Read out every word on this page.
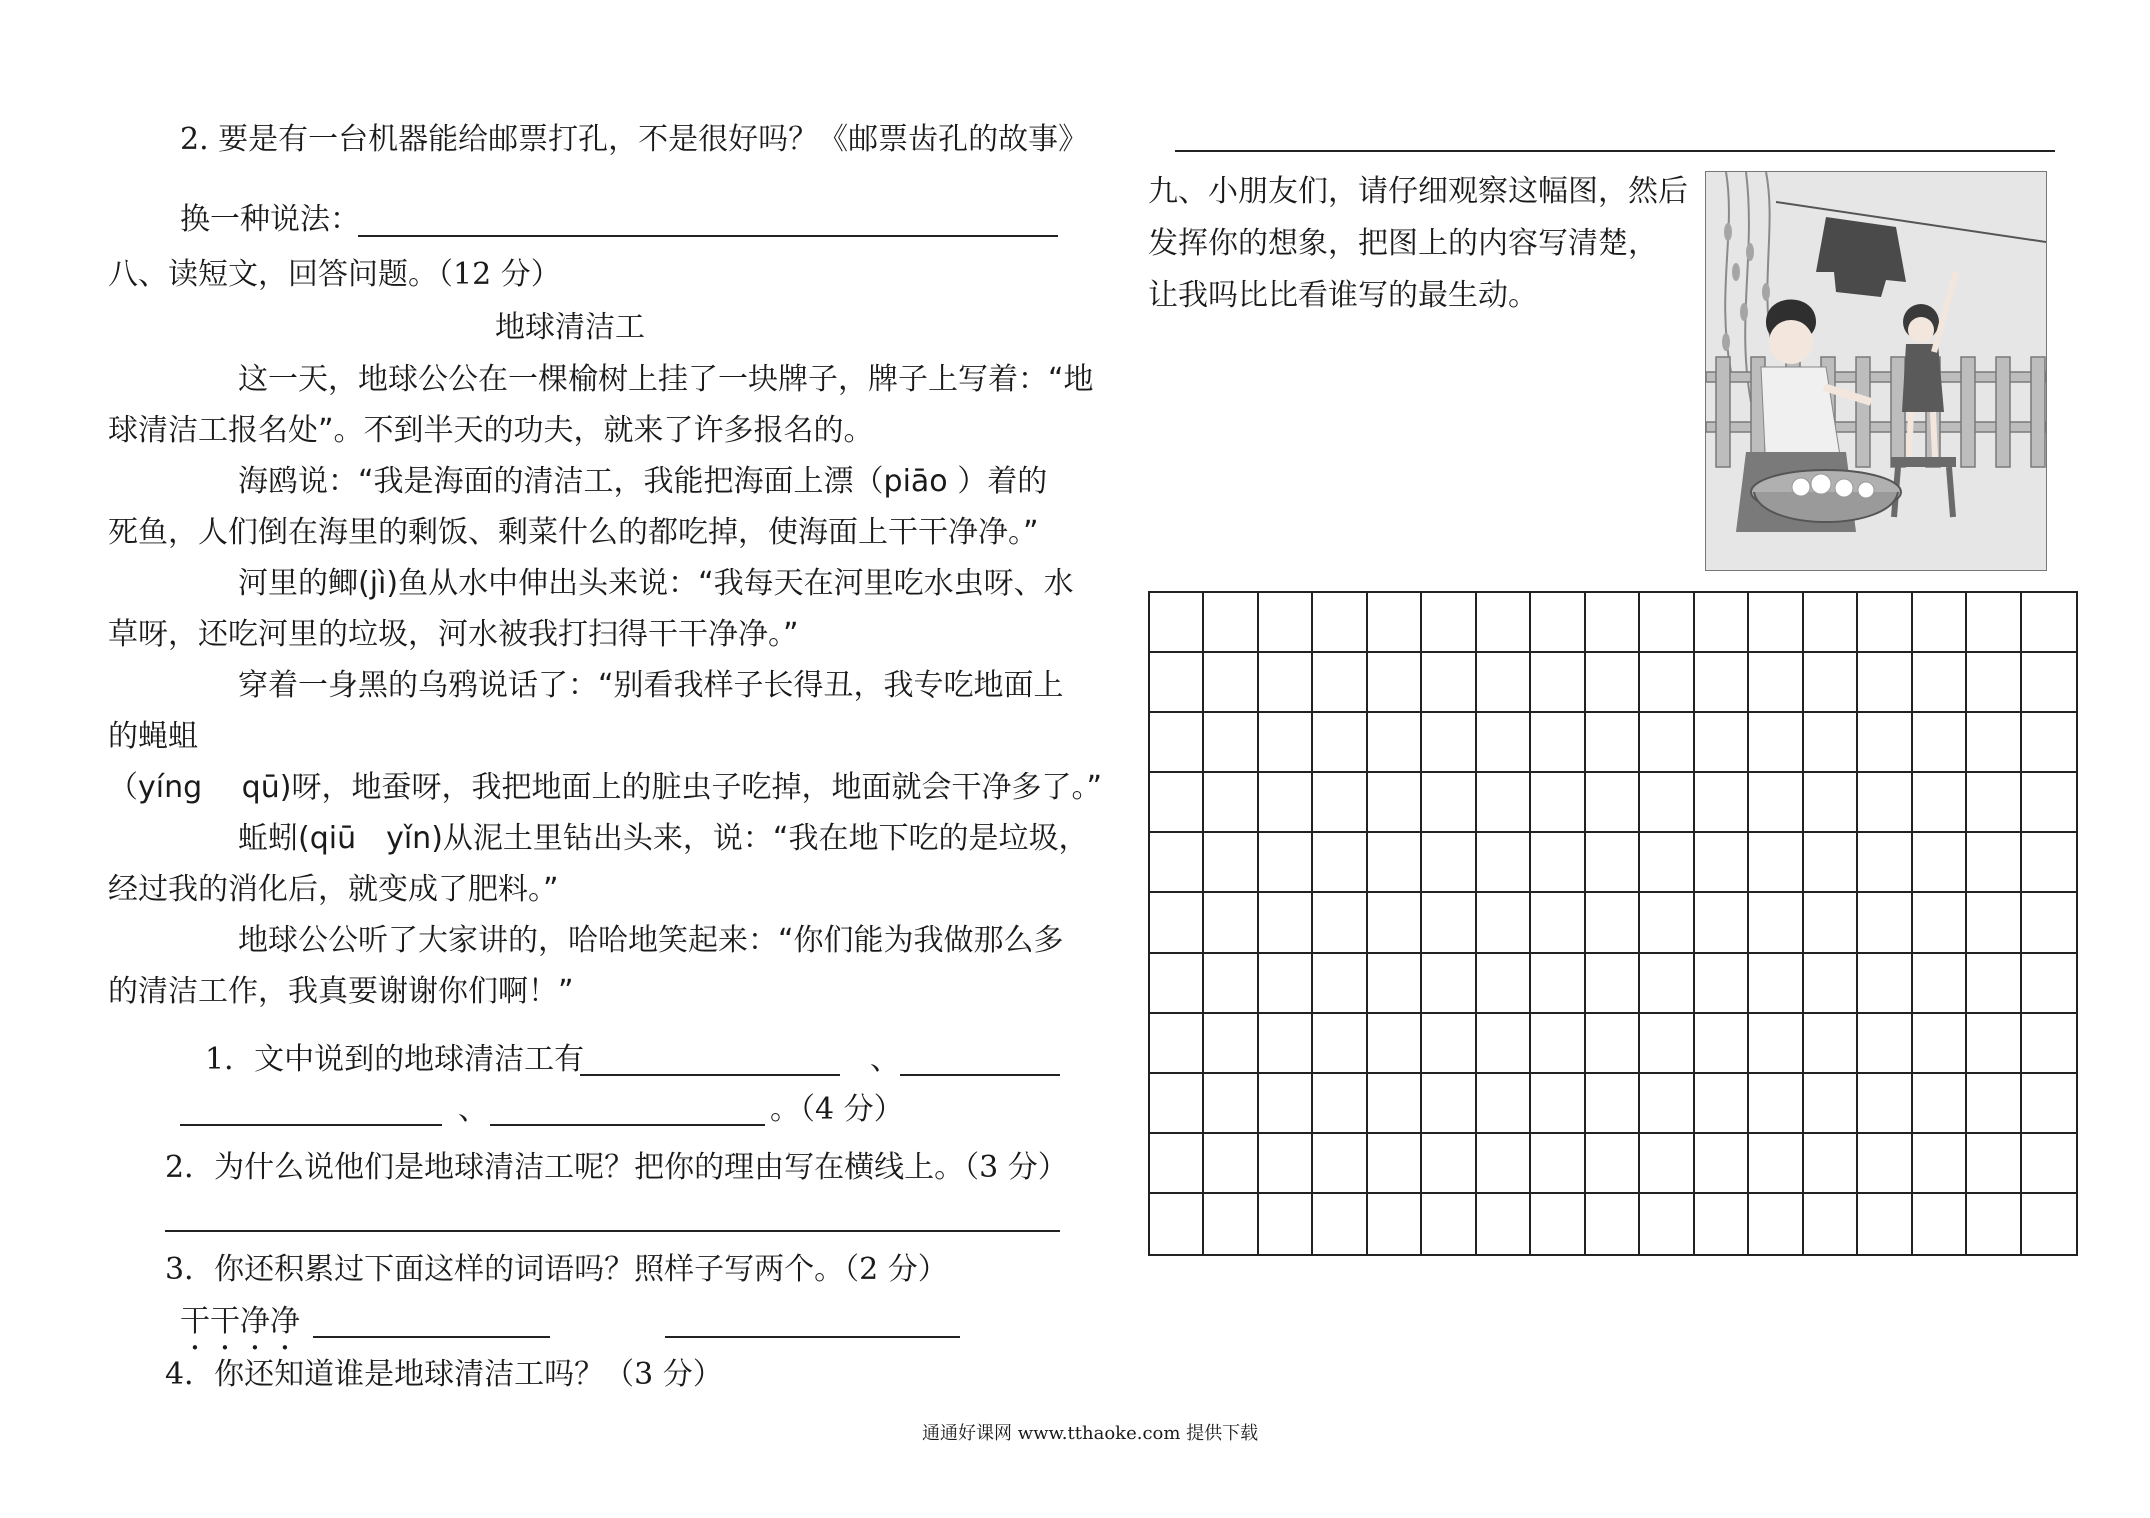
2. 要是有一台机器能给邮票打孔，不是很好吗？《邮票齿孔的故事》
换一种说法：
八、读短文，回答问题。（12 分）
地球清洁工
这一天，地球公公在一棵榆树上挂了一块牌子，牌子上写着：“地
球清洁工报名处”。不到半天的功夫，就来了许多报名的。
海鸥说：“我是海面的清洁工，我能把海面上漂（piāo ）着的
死鱼，人们倒在海里的剩饭、剩菜什么的都吃掉，使海面上干干净净。”
河里的鲫(jì)鱼从水中伸出头来说：“我每天在河里吃水虫呀、水
草呀，还吃河里的垃圾，河水被我打扫得干干净净。”
穿着一身黑的乌鸦说话了：“别看我样子长得丑，我专吃地面上
的蝇蛆
（yíng　 qū)呀，地蚕呀，我把地面上的脏虫子吃掉，地面就会干净多了。”
蚯蚓(qiū　yǐn)从泥土里钻出头来，说：“我在地下吃的是垃圾，
经过我的消化后，就变成了肥料。”
地球公公听了大家讲的，哈哈地笑起来：“你们能为我做那么多
的清洁工作，我真要谢谢你们啊！”
1．文中说到的地球清洁工有	、
、	。（4 分）
2．为什么说他们是地球清洁工呢？把你的理由写在横线上。（3 分）
3．你还积累过下面这样的词语吗？照样子写两个。（2 分）
干干净净
4．你还知道谁是地球清洁工吗？（3 分）
九、小朋友们，请仔细观察这幅图，然后
发挥你的想象，把图上的内容写清楚，
让我吗比比看谁写的最生动。
通通好课网 www.tthaoke.com 提供下载
